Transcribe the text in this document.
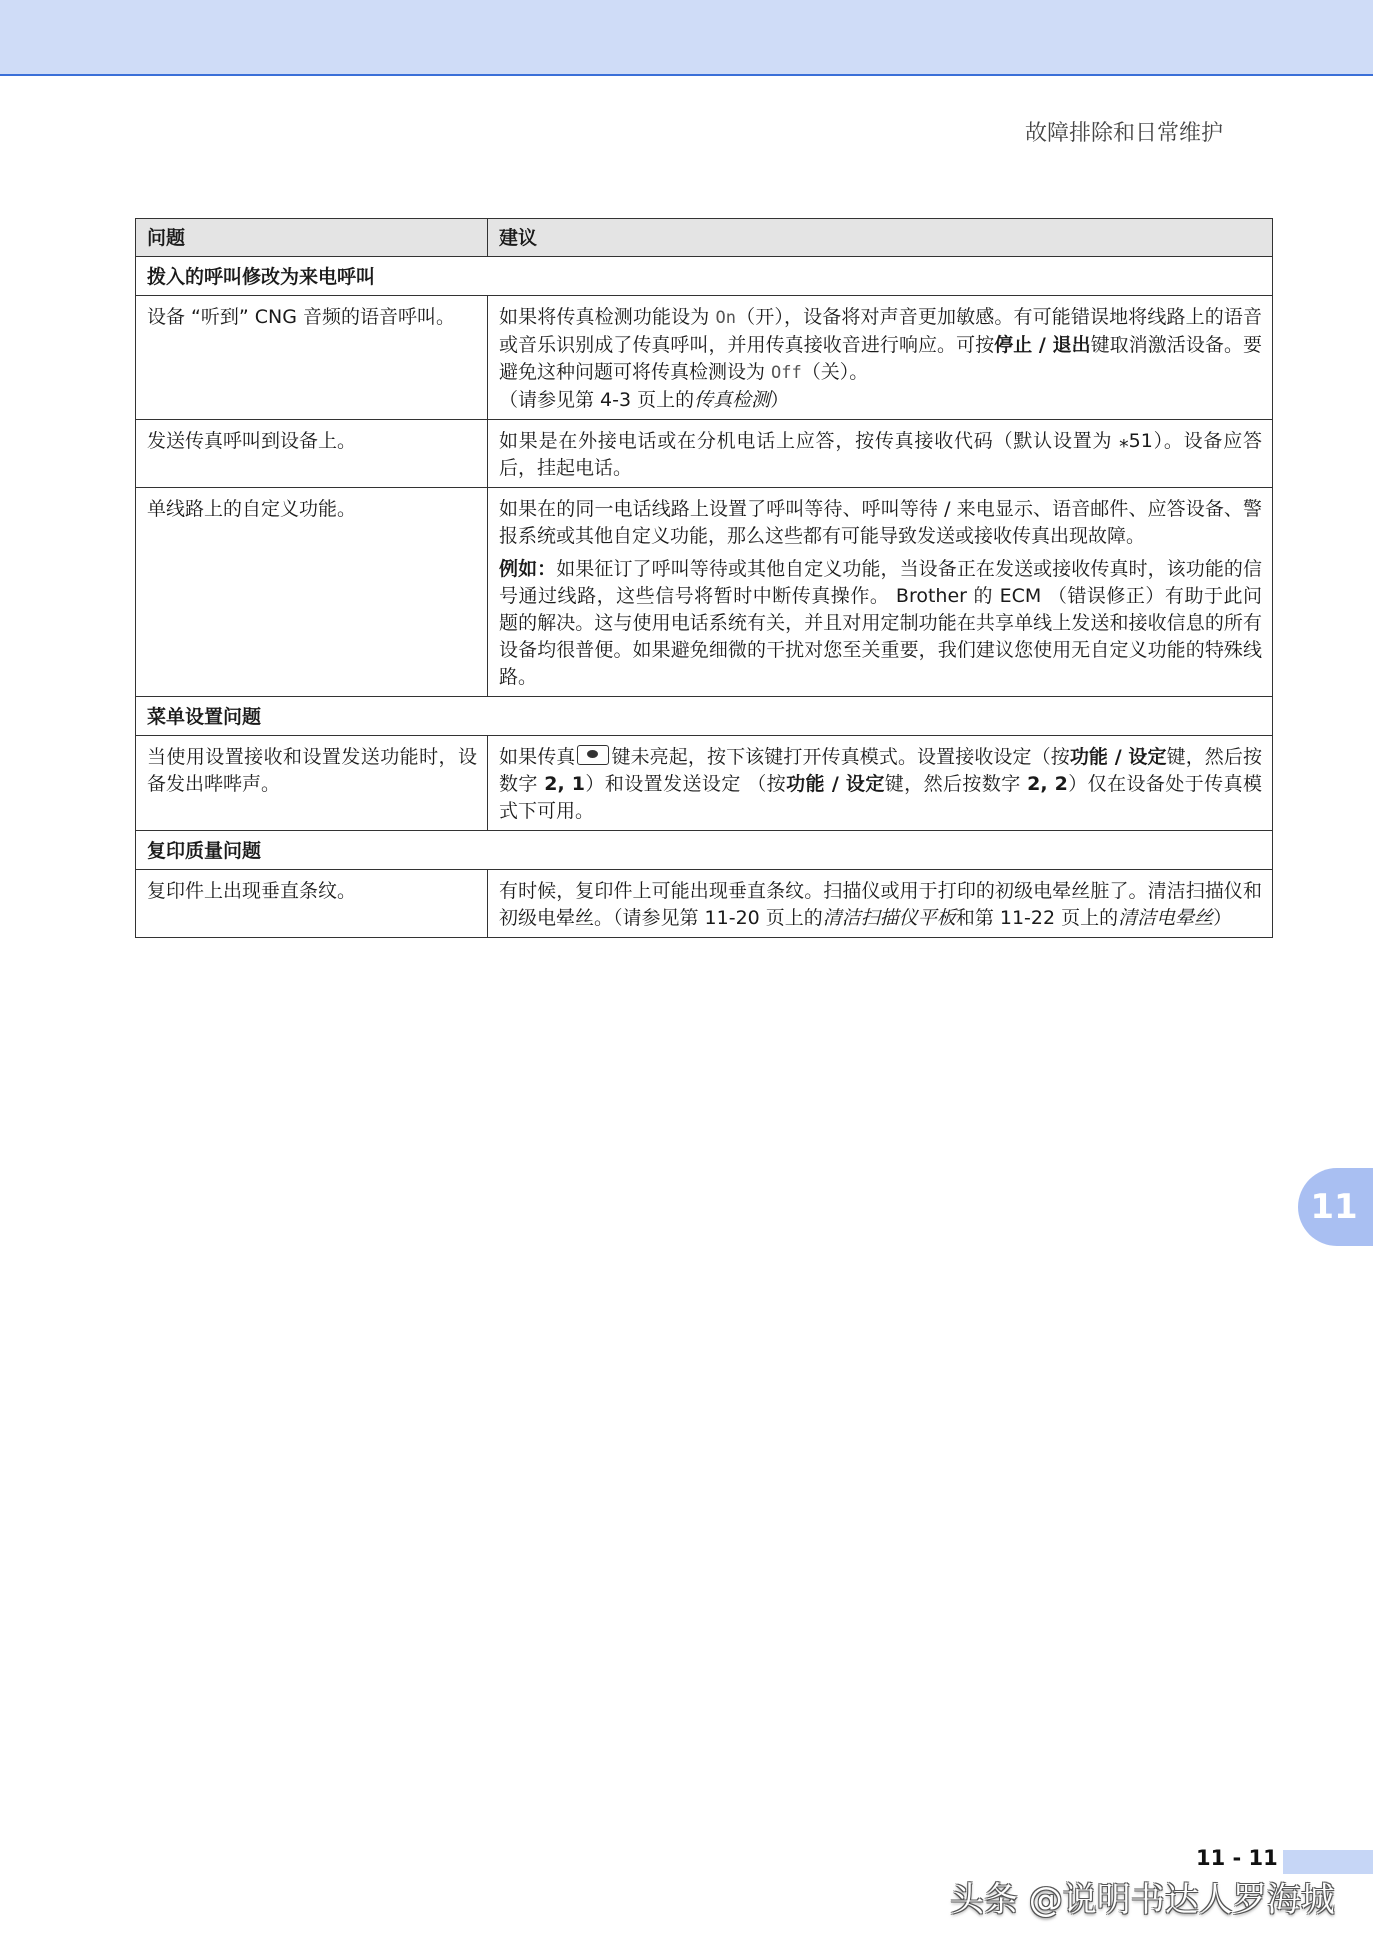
故障排除和日常维护
问题	建议
拨入的呼叫修改为来电呼叫	

设备 “听到” CNG 音频的语音呼叫。	如果将传真检测功能设为 On（开），设备将对声音更加敏感。有可能错误地将线路上的语音或音乐识别成了传真呼叫，并用传真接收音进行响应。可按停止 / 退出键取消激活设备。要避免这种问题可将传真检测设为 Off（关）。
（请参见第 4-3 页上的传真检测）

发送传真呼叫到设备上。	如果是在外接电话或在分机电话上应答，按传真接收代码（默认设置为 ⁎51）。设备应答后，挂起电话。

单线路上的自定义功能。	如果在的同一电话线路上设置了呼叫等待、呼叫等待 / 来电显示、语音邮件、应答设备、警报系统或其他自定义功能，那么这些都有可能导致发送或接收传真出现故障。

例如：如果征订了呼叫等待或其他自定义功能，当设备正在发送或接收传真时，该功能的信号通过线路，这些信号将暂时中断传真操作。 Brother 的 ECM （错误修正）有助于此问题的解决。这与使用电话系统有关，并且对用定制功能在共享单线上发送和接收信息的所有设备均很普便。如果避免细微的干扰对您至关重要，我们建议您使用无自定义功能的特殊线路。

菜单设置问题	

当使用设置接收和设置发送功能时，设备发出哔哔声。	如果传真 键未亮起，按下该键打开传真模式。设置接收设定（按功能 / 设定键，然后按数字 2, 1）和设置发送设定 （按功能 / 设定键，然后按数字 2, 2）仅在设备处于传真模式下可用。

复印质量问题	

复印件上出现垂直条纹。	有时候，复印件上可能出现垂直条纹。扫描仪或用于打印的初级电晕丝脏了。清洁扫描仪和初级电晕丝。（请参见第 11-20 页上的清洁扫描仪平板和第 11-22 页上的清洁电晕丝）

11
11 - 11
头条 @说明书达人罗海城
